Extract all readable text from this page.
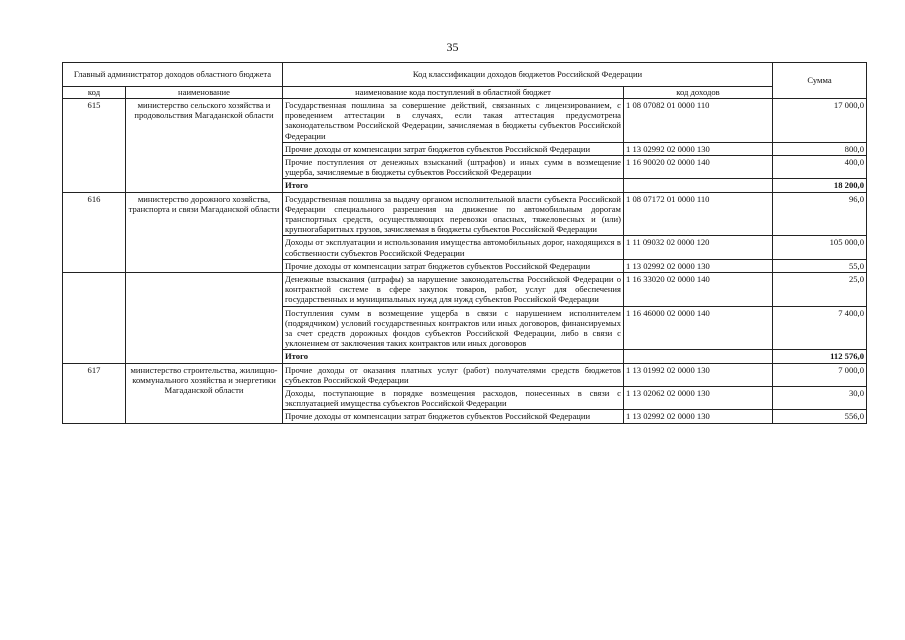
35
Главный администратор доходов областного бюджета		Код классификации доходов бюджетов Российской Федерации		Сумма
код	наименование	наименование кода поступлений в областной бюджет	код доходов	
615	министерство сельского хозяйства и продовольствия Магаданской области	Государственная пошлина за совершение действий, связанных с лицензированием, с проведением аттестации в случаях, если такая аттестация предусмотрена законодательством Российской Федерации, зачисляемая в бюджеты субъектов Российской Федерации	1 08 07082 01 0000 110	17 000,0
		Прочие доходы от компенсации затрат бюджетов субъектов Российской Федерации	1 13 02992 02 0000 130	800,0
		Прочие поступления от денежных взысканий (штрафов) и иных сумм в возмещение ущерба, зачисляемые в бюджеты субъектов Российской Федерации	1 16 90020 02 0000 140	400,0
		Итого		18 200,0
616	министерство дорожного хозяйства, транспорта и связи Магаданской области	Государственная пошлина за выдачу органом исполнительной власти субъекта Российской Федерации специального разрешения на движение по автомобильным дорогам транспортных средств, осуществляющих перевозки опасных, тяжеловесных и (или) крупногабаритных грузов, зачисляемая в бюджеты субъектов Российской Федерации	1 08 07172 01 0000 110	96,0
		Доходы от эксплуатации и использования имущества автомобильных дорог, находящихся в собственности субъектов Российской Федерации	1 11 09032 02 0000 120	105 000,0
		Прочие доходы от компенсации затрат бюджетов субъектов Российской Федерации	1 13 02992 02 0000 130	55,0
		Денежные взыскания (штрафы) за нарушение законодательства Российской Федерации о контрактной системе в сфере закупок товаров, работ, услуг для обеспечения государственных и муниципальных нужд для нужд субъектов Российской Федерации	1 16 33020 02 0000 140	25,0
		Поступления сумм в возмещение ущерба в связи с нарушением исполнителем (подрядчиком) условий государственных контрактов или иных договоров, финансируемых за счет средств дорожных фондов субъектов Российской Федерации, либо в связи с уклонением от заключения таких контрактов или иных договоров	1 16 46000 02 0000 140	7 400,0
		Итого		112 576,0
617	министерство строительства, жилищно-коммунального хозяйства и энергетики Магаданской области	Прочие доходы от оказания платных услуг (работ) получателями средств бюджетов субъектов Российской Федерации	1 13 01992 02 0000 130	7 000,0
		Доходы, поступающие в порядке возмещения расходов, понесенных в связи с эксплуатацией имущества субъектов Российской Федерации	1 13 02062 02 0000 130	30,0
		Прочие доходы от компенсации затрат бюджетов субъектов Российской Федерации	1 13 02992 02 0000 130	556,0
